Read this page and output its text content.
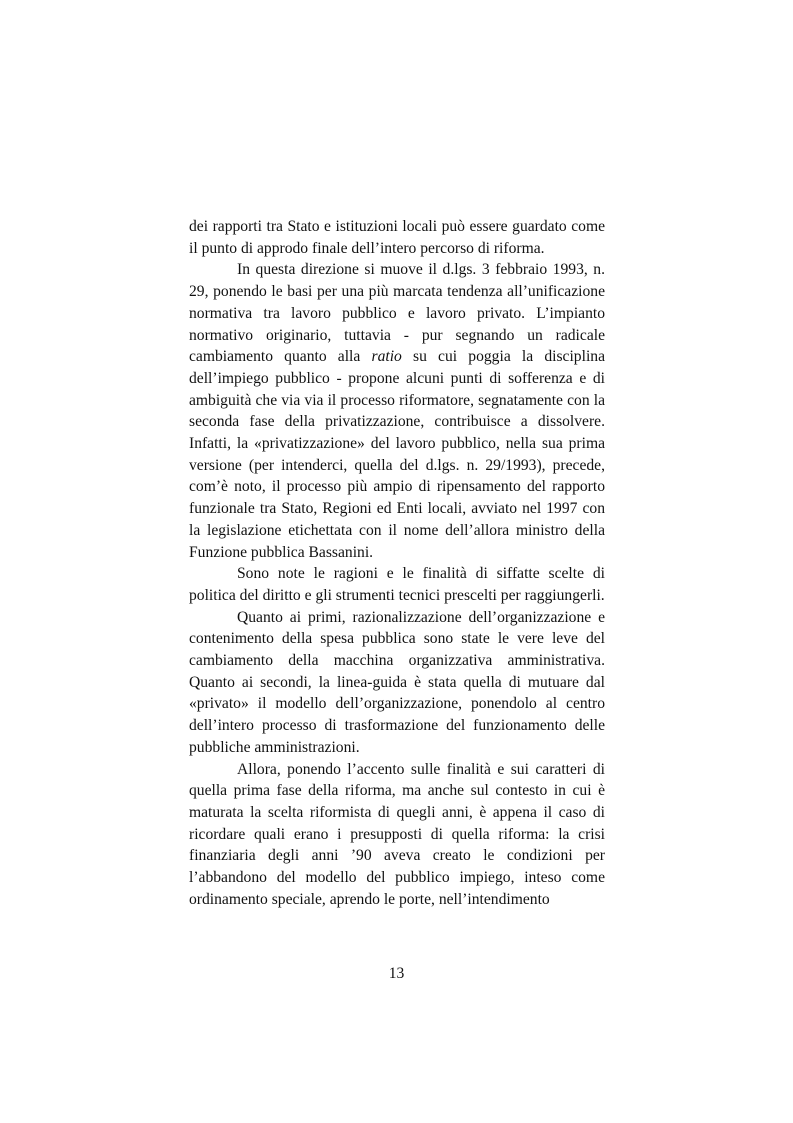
dei rapporti tra Stato e istituzioni locali può essere guardato come il punto di approdo finale dell’intero percorso di riforma.

In questa direzione si muove il d.lgs. 3 febbraio 1993, n. 29, ponendo le basi per una più marcata tendenza all’unificazione normativa tra lavoro pubblico e lavoro privato. L’impianto normativo originario, tuttavia - pur segnando un radicale cambiamento quanto alla ratio su cui poggia la disciplina dell’impiego pubblico - propone alcuni punti di sofferenza e di ambiguità che via via il processo riformatore, segnatamente con la seconda fase della privatizzazione, contribuisce a dissolvere. Infatti, la «privatizzazione» del lavoro pubblico, nella sua prima versione (per intenderci, quella del d.lgs. n. 29/1993), precede, com’è noto, il processo più ampio di ripensamento del rapporto funzionale tra Stato, Regioni ed Enti locali, avviato nel 1997 con la legislazione etichettata con il nome dell’allora ministro della Funzione pubblica Bassanini.

Sono note le ragioni e le finalità di siffatte scelte di politica del diritto e gli strumenti tecnici prescelti per raggiungerli.

Quanto ai primi, razionalizzazione dell’organizzazione e contenimento della spesa pubblica sono state le vere leve del cambiamento della macchina organizzativa amministrativa. Quanto ai secondi, la linea-guida è stata quella di mutuare dal «privato» il modello dell’organizzazione, ponendolo al centro dell’intero processo di trasformazione del funzionamento delle pubbliche amministrazioni.

Allora, ponendo l’accento sulle finalità e sui caratteri di quella prima fase della riforma, ma anche sul contesto in cui è maturata la scelta riformista di quegli anni, è appena il caso di ricordare quali erano i presupposti di quella riforma: la crisi finanziaria degli anni ’90 aveva creato le condizioni per l’abbandono del modello del pubblico impiego, inteso come ordinamento speciale, aprendo le porte, nell’intendimento

13
